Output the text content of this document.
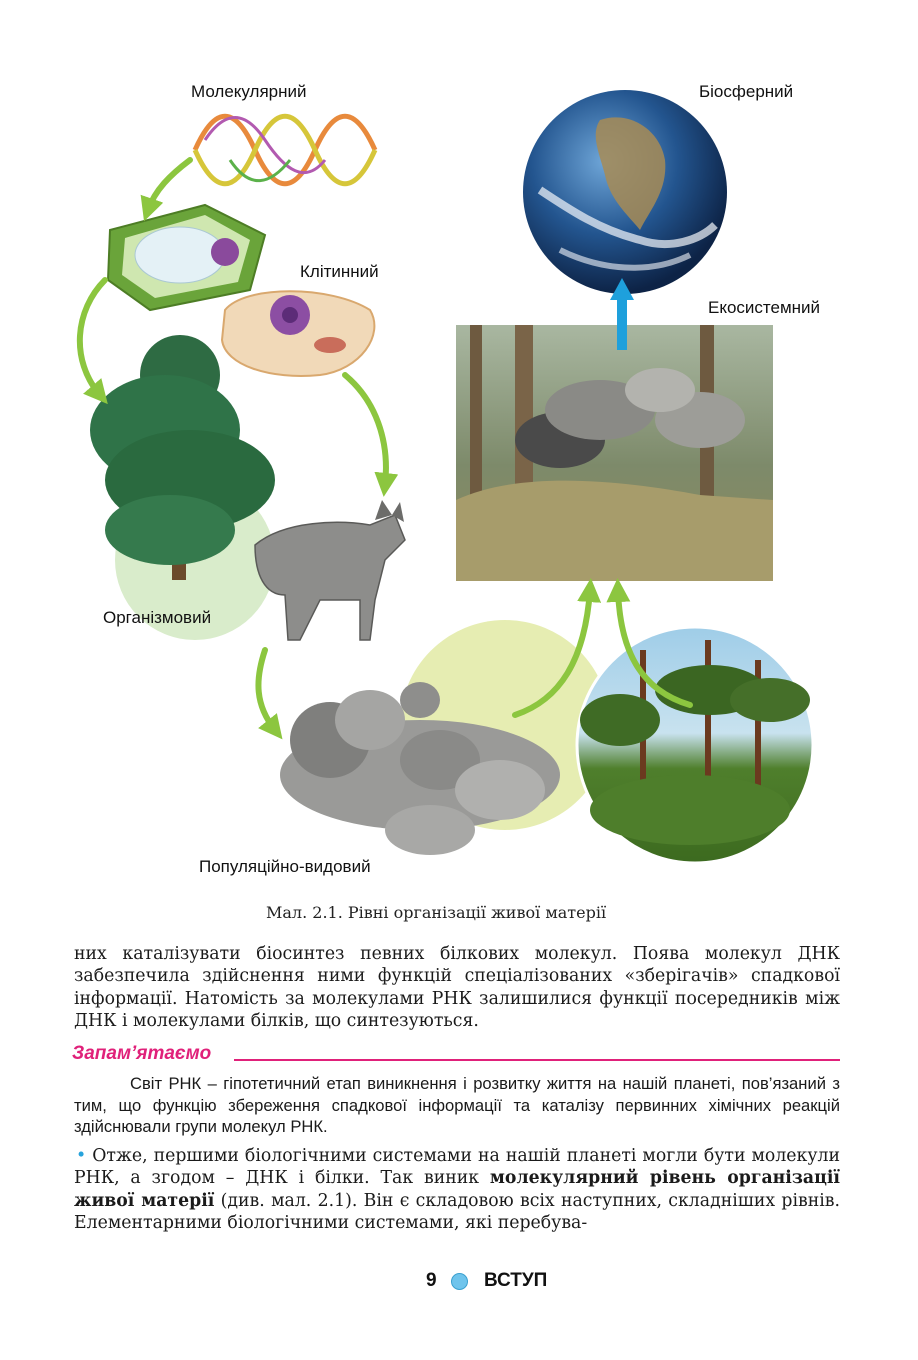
Молекулярний
Клітинний
Організмовий
Популяційно-видовий
Екосистемний
Біосферний
Мал. 2.1. Рівні організації живої матерії
них каталізувати біосинтез певних білкових молекул. Поява молекул ДНК забезпечила здійснення ними функцій спеціалізованих «зберігачів» спадкової інформації. Натомість за молекулами РНК залишилися функції посередників між ДНК і молекулами білків, що синтезуються.
Запам’ятаємо
Світ РНК – гіпотетичний етап виникнення і розвитку життя на нашій планеті, пов’язаний з тим, що функцію збереження спадкової інформації та каталізу первинних хімічних реакцій здійснювали групи молекул РНК.
• Отже, першими біологічними системами на нашій планеті могли бути молекули РНК, а згодом – ДНК і білки. Так виник молекулярний рівень організації живої матерії (див. мал. 2.1). Він є складовою всіх наступних, складніших рівнів. Елементарними біологічними системами, які перебува-
9 ВСТУП
